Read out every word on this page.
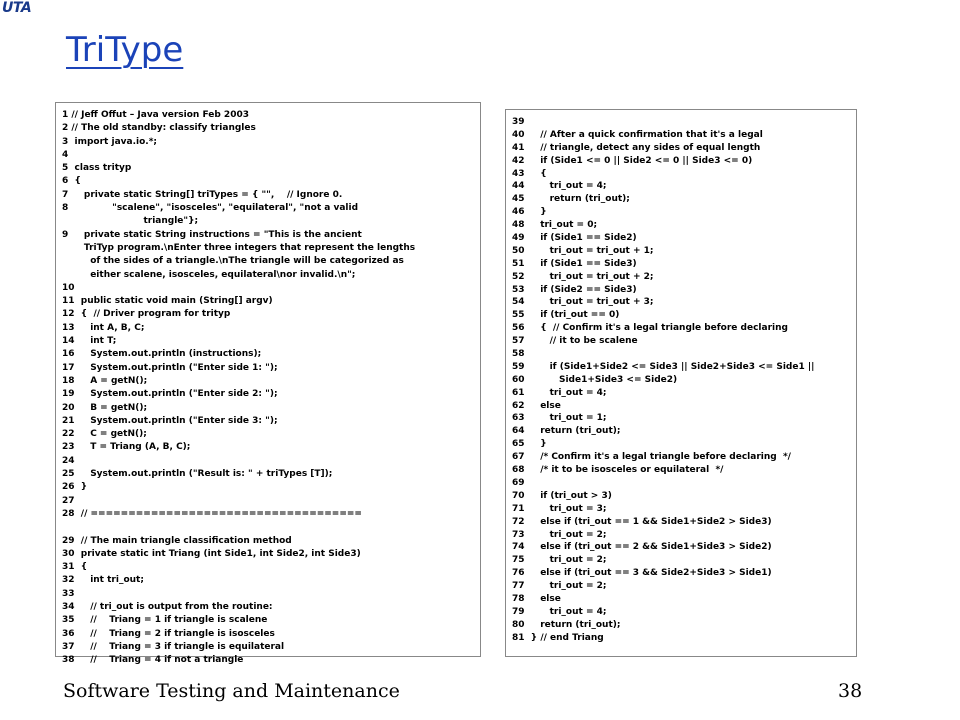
UTA
TriType
1 // Jeff Offut – Java version Feb 2003
2 // The old standby: classify triangles
3  import java.io.*;
4
5  class trityp
6  {
7     private static String[] triTypes = { "",    // Ignore 0.
8              "scalene", "isosceles", "equilateral", "not a valid
triangle"};
9     private static String instructions = "This is the ancient
TriTyp program.\nEnter three integers that represent the lengths
of the sides of a triangle.\nThe triangle will be categorized as
either scalene, isosceles, equilateral\nor invalid.\n";
10
11  public static void main (String[] argv)
12  {  // Driver program for trityp
13     int A, B, C;
14     int T;
16     System.out.println (instructions);
17     System.out.println ("Enter side 1: ");
18     A = getN();
19     System.out.println ("Enter side 2: ");
20     B = getN();
21     System.out.println ("Enter side 3: ");
22     C = getN();
23     T = Triang (A, B, C);
24
25     System.out.println ("Result is: " + triTypes [T]);
26  }
27
28  // ====================================
29  // The main triangle classification method
30  private static int Triang (int Side1, int Side2, int Side3)
31  {
32     int tri_out;
33
34     // tri_out is output from the routine:
35     //    Triang = 1 if triangle is scalene
36     //    Triang = 2 if triangle is isosceles
37     //    Triang = 3 if triangle is equilateral
38     //    Triang = 4 if not a triangle
39
40     // After a quick confirmation that it's a legal
41     // triangle, detect any sides of equal length
42     if (Side1 <= 0 || Side2 <= 0 || Side3 <= 0)
43     {
44        tri_out = 4;
45        return (tri_out);
46     }
48     tri_out = 0;
49     if (Side1 == Side2)
50        tri_out = tri_out + 1;
51     if (Side1 == Side3)
52        tri_out = tri_out + 2;
53     if (Side2 == Side3)
54        tri_out = tri_out + 3;
55     if (tri_out == 0)
56     {  // Confirm it's a legal triangle before declaring
57        // it to be scalene
58
59        if (Side1+Side2 <= Side3 || Side2+Side3 <= Side1 ||
60           Side1+Side3 <= Side2)
61        tri_out = 4;
62     else
63        tri_out = 1;
64     return (tri_out);
65     }
67     /* Confirm it's a legal triangle before declaring  */
68     /* it to be isosceles or equilateral  */
69
70     if (tri_out > 3)
71        tri_out = 3;
72     else if (tri_out == 1 && Side1+Side2 > Side3)
73        tri_out = 2;
74     else if (tri_out == 2 && Side1+Side3 > Side2)
75        tri_out = 2;
76     else if (tri_out == 3 && Side2+Side3 > Side1)
77        tri_out = 2;
78     else
79        tri_out = 4;
80     return (tri_out);
81  } // end Triang
Software Testing and Maintenance	38
